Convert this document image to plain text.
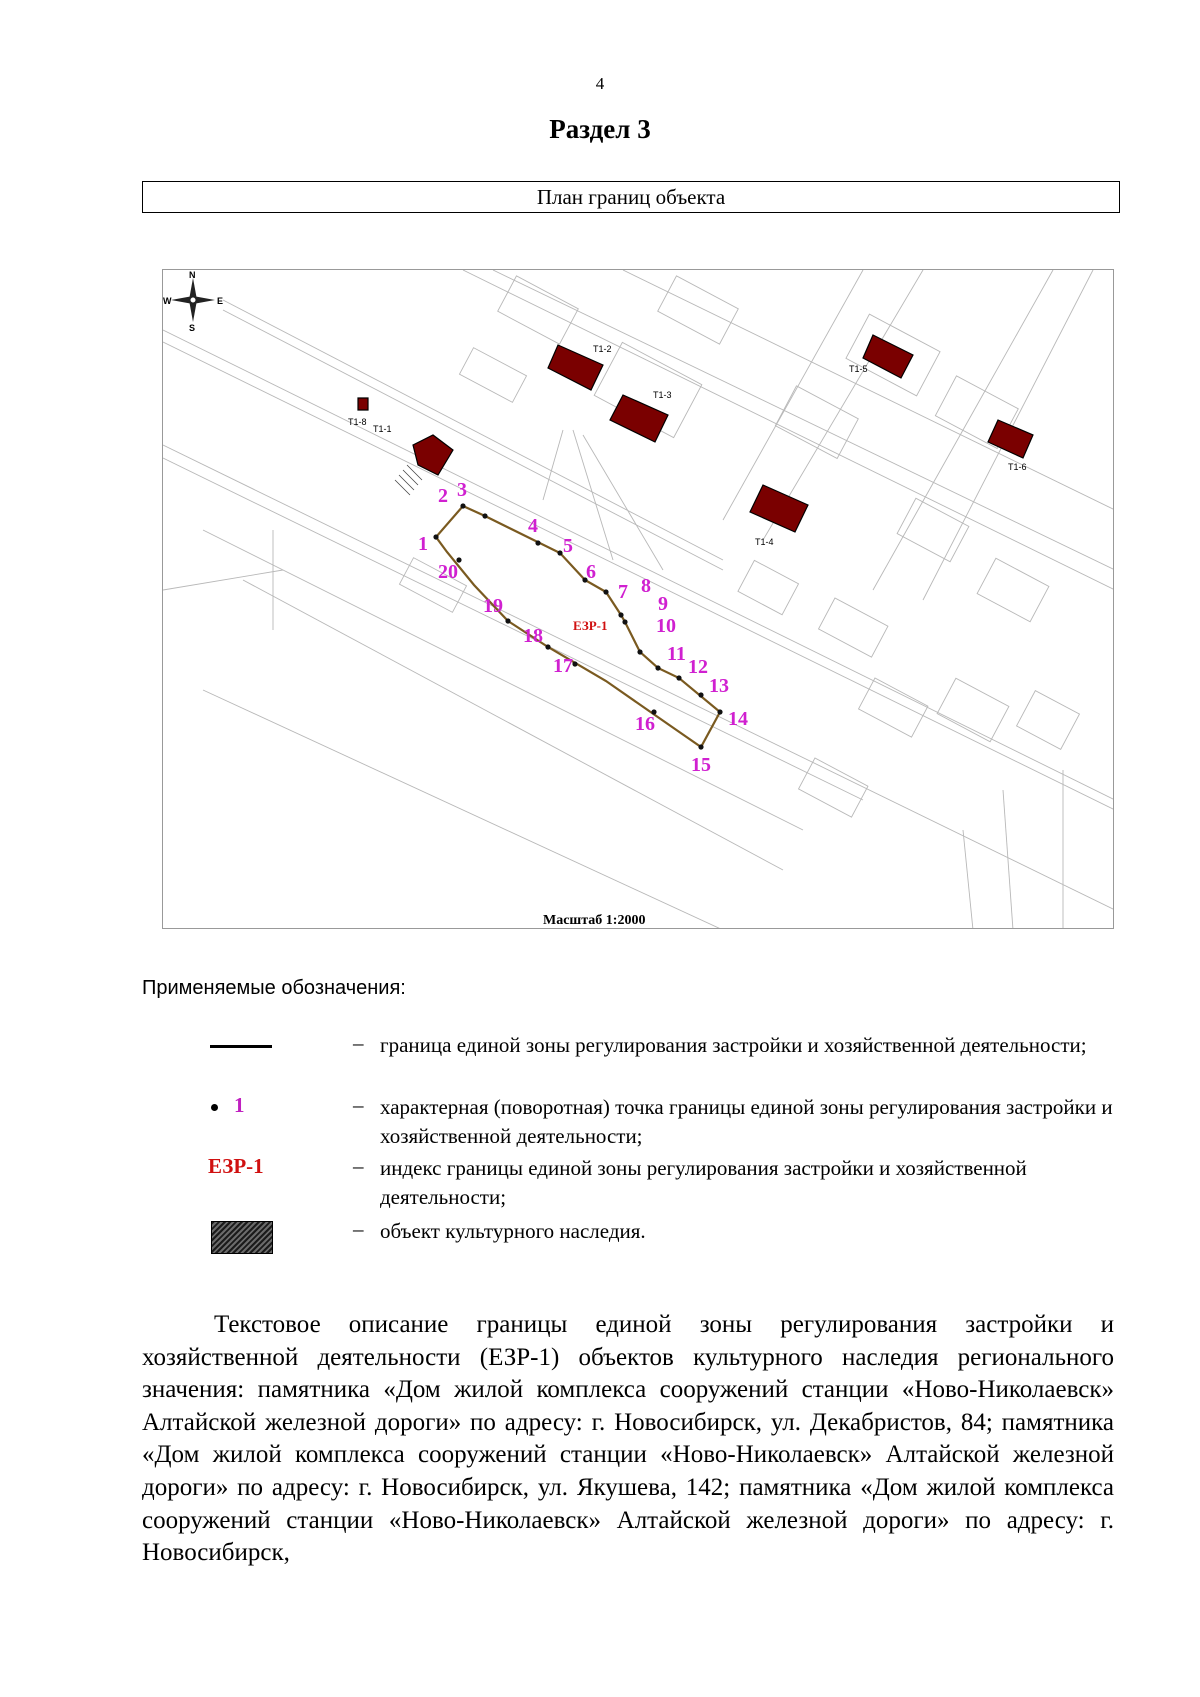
4
Раздел 3
План границ объекта
N
S
W	E
Т1-1
Т1-2
Т1-3
Т1-4
Т1-5
Т1-6
Т1-8
1
2 3
4
5
6
7 8
9
10
11
12
13
14
15
16
17
18
19
20
ЕЗР-1
Масштаб 1:2000
Применяемые обозначения:
– граница единой зоны регулирования застройки и хозяйственной деятельности;
1	– характерная (поворотная) точка границы единой зоны регулирования застройки и хозяйственной деятельности;
ЕЗР-1	– индекс границы единой зоны регулирования застройки и хозяйственной деятельности;
– объект культурного наследия.
Текстовое описание границы единой зоны регулирования застройки и хозяйственной деятельности (ЕЗР-1) объектов культурного наследия регионального значения: памятника «Дом жилой комплекса сооружений станции «Ново-Николаевск» Алтайской железной дороги» по адресу: г. Новосибирск, ул. Декабристов, 84; памятника «Дом жилой комплекса сооружений станции «Ново-Николаевск» Алтайской железной дороги» по адресу: г. Новосибирск, ул. Якушева, 142; памятника «Дом жилой комплекса сооружений станции «Ново-Николаевск» Алтайской железной дороги» по адресу: г. Новосибирск,
